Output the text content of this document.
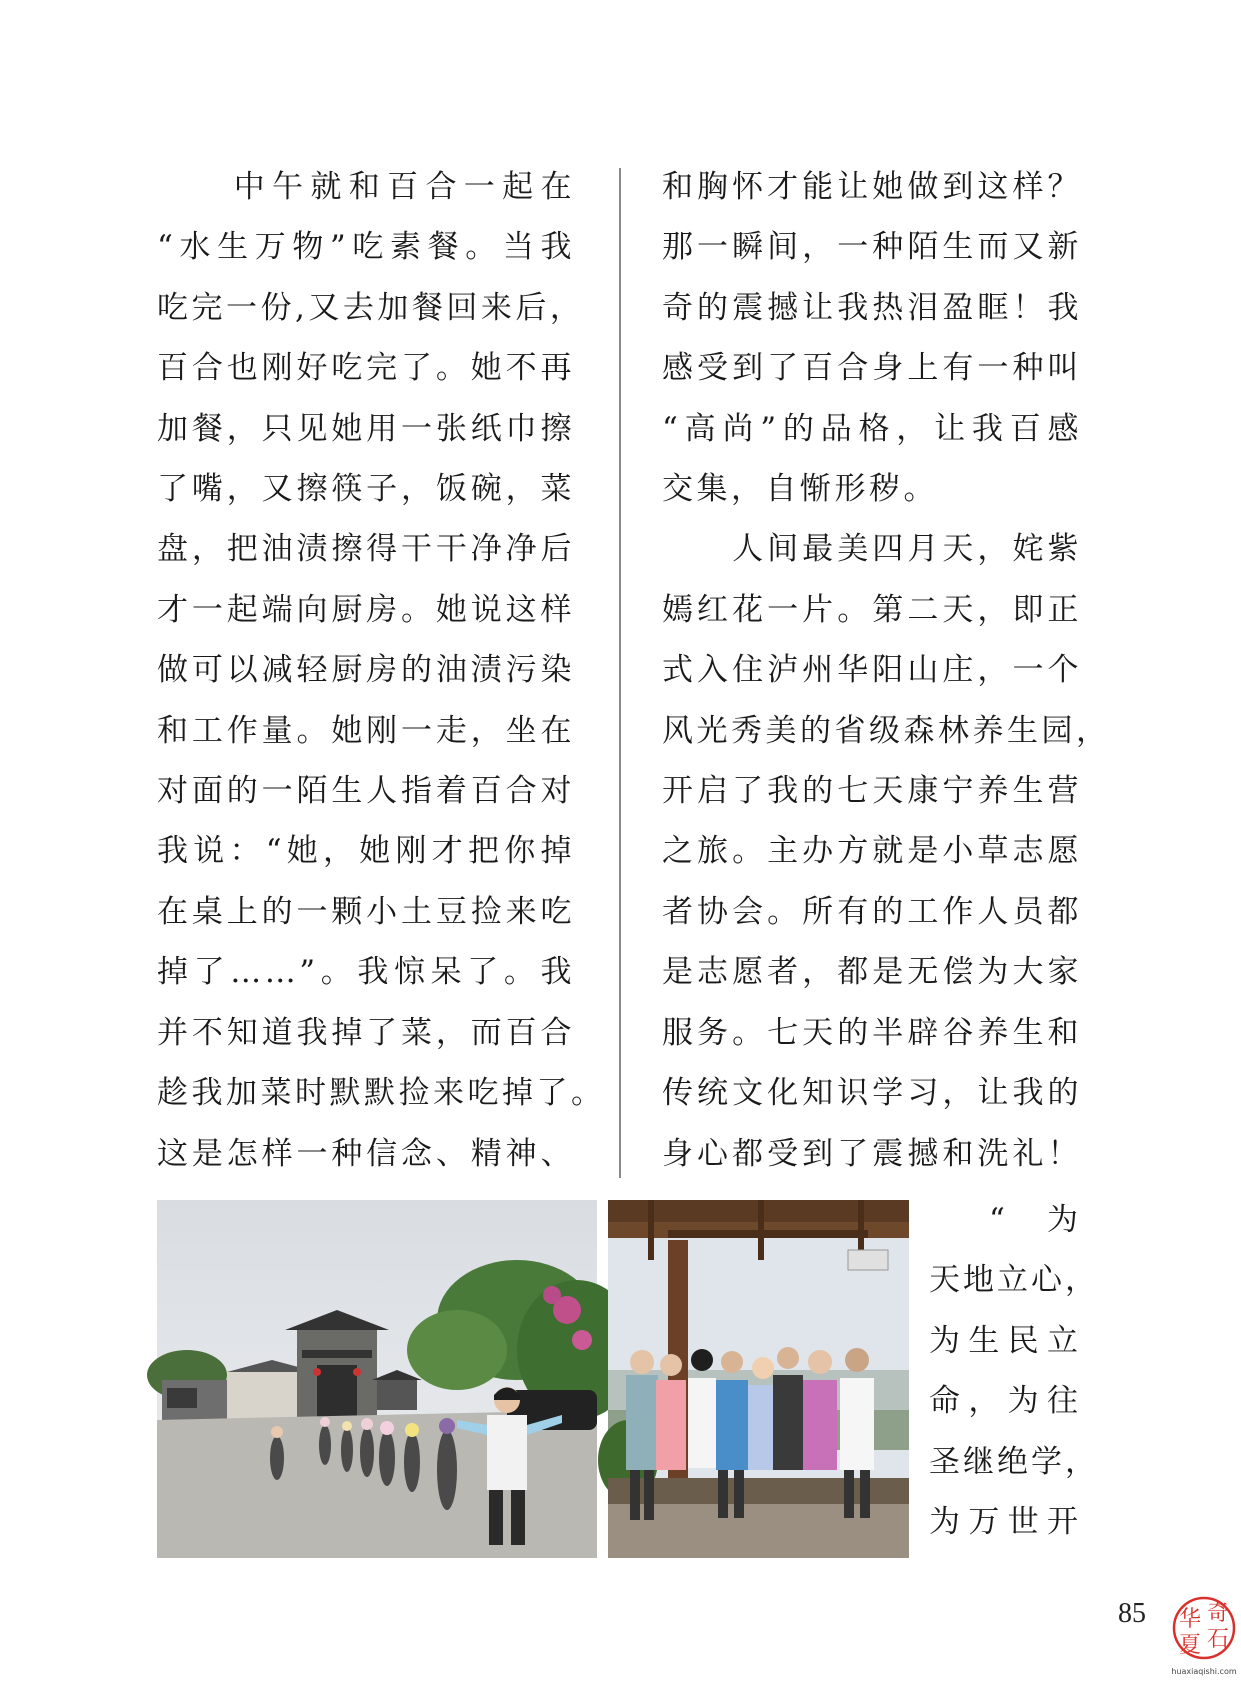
　　中午就和百合一起在

“水生万物”吃素餐。当我

吃完一份,又去加餐回来后，

百合也刚好吃完了。她不再

加餐，只见她用一张纸巾擦

了嘴，又擦筷子，饭碗，菜

盘，把油渍擦得干干净净后

才一起端向厨房。她说这样

做可以减轻厨房的油渍污染

和工作量。她刚一走，坐在

对面的一陌生人指着百合对

我说：“她，她刚才把你掉

在桌上的一颗小土豆捡来吃

掉了……”。我惊呆了。我

并不知道我掉了菜，而百合

趁我加菜时默默捡来吃掉了。

这是怎样一种信念、精神、

和胸怀才能让她做到这样？

那一瞬间，一种陌生而又新

奇的震撼让我热泪盈眶！我

感受到了百合身上有一种叫

“高尚”的品格，让我百感

交集，自惭形秽。

　　人间最美四月天，姹紫

嫣红花一片。第二天，即正

式入住泸州华阳山庄，一个

风光秀美的省级森林养生园，

开启了我的七天康宁养生营

之旅。主办方就是小草志愿

者协会。所有的工作人员都

是志愿者，都是无偿为大家

服务。七天的半辟谷养生和

传统文化知识学习，让我的

身心都受到了震撼和洗礼！

“为

天地立心，

为生民立

命，为往

圣继绝学，

为万世开

85 华
夏
奇
石
huaxiaqishi.com
